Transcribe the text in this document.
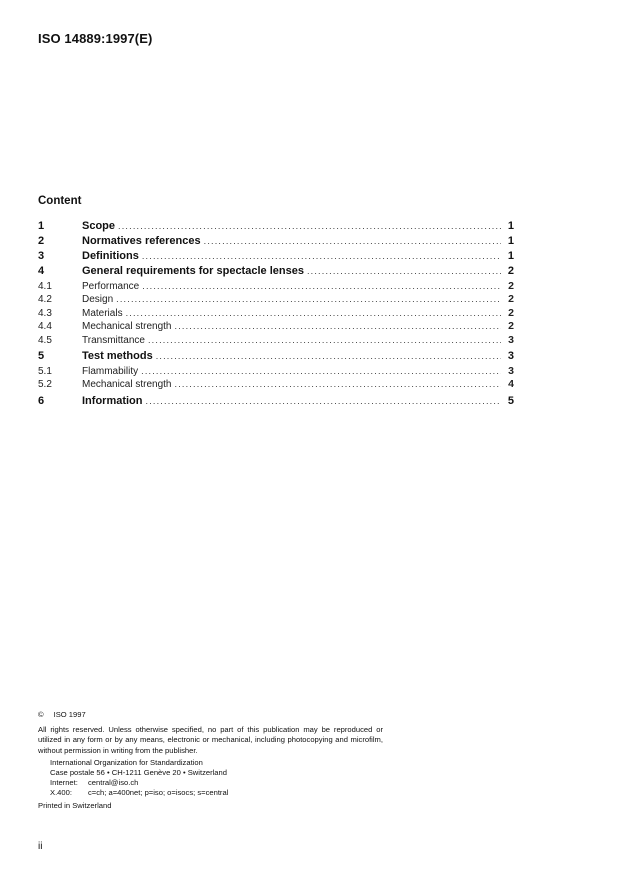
ISO 14889:1997(E)
Content
1	Scope .....	1
2	Normatives references .....	1
3	Definitions .....	1
4	General requirements for spectacle lenses .....	2
4.1	Performance .....	2
4.2	Design .....	2
4.3	Materials .....	2
4.4	Mechanical strength .....	2
4.5	Transmittance .....	3
5	Test methods .....	3
5.1	Flammability .....	3
5.2	Mechanical strength .....	4
6	Information .....	5
© ISO 1997
All rights reserved. Unless otherwise specified, no part of this publication may be reproduced or utilized in any form or by any means, electronic or mechanical, including photocopying and microfilm, without permission in writing from the publisher.
International Organization for Standardization
Case postale 56 • CH-1211 Genève 20 • Switzerland
Internet:	central@iso.ch
X.400:	c=ch; a=400net; p=iso; o=isocs; s=central
Printed in Switzerland
ii
